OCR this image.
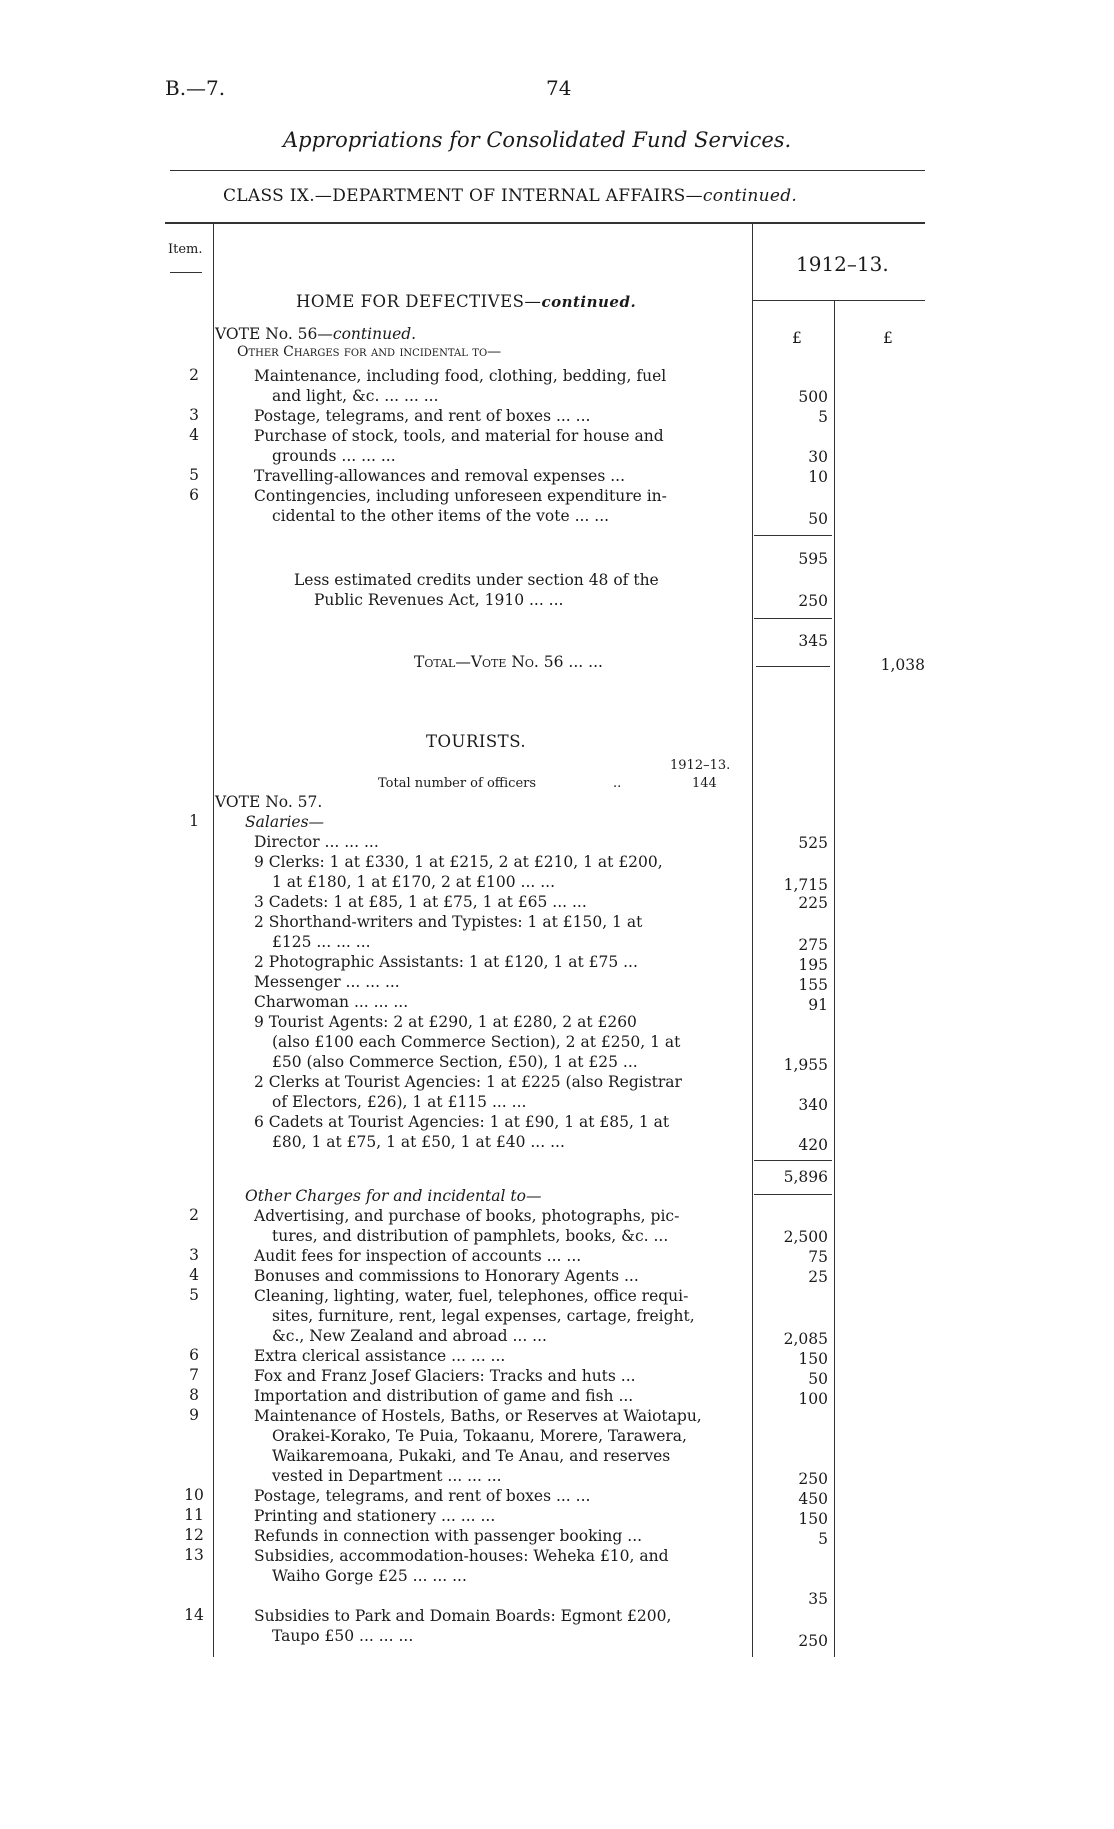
B.—7.	74
Appropriations for Consolidated Fund Services.
CLASS IX.—DEPARTMENT OF INTERNAL AFFAIRS—continued.
Item.
1912–13.
£	£
HOME FOR DEFECTIVES—continued.
VOTE No. 56—continued.
Other Charges for and incidental to—
2	Maintenance, including food, clothing, bedding, fuel
and light, &c. ... ... ...	500
3	Postage, telegrams, and rent of boxes ... ...	5
4	Purchase of stock, tools, and material for house and
grounds ... ... ...	30
5	Travelling-allowances and removal expenses ...	10
6	Contingencies, including unforeseen expenditure in-
cidental to the other items of the vote ... ...	50
595
Less estimated credits under section 48 of the
Public Revenues Act, 1910 ... ...	250
345
Total—Vote No. 56 ... ...	1,038
TOURISTS.
1912–13.
Total number of officers	..	144
VOTE No. 57.
Salaries—
1
Director ... ... ...	525
9 Clerks: 1 at £330, 1 at £215, 2 at £210, 1 at £200,
1 at £180, 1 at £170, 2 at £100 ... ...	1,715
3 Cadets: 1 at £85, 1 at £75, 1 at £65 ... ...	225
2 Shorthand-writers and Typistes: 1 at £150, 1 at
£125 ... ... ...	275
2 Photographic Assistants: 1 at £120, 1 at £75 ...	195
Messenger ... ... ...	155
Charwoman ... ... ...	91
9 Tourist Agents: 2 at £290, 1 at £280, 2 at £260
(also £100 each Commerce Section), 2 at £250, 1 at
£50 (also Commerce Section, £50), 1 at £25 ...	1,955
2 Clerks at Tourist Agencies: 1 at £225 (also Registrar
of Electors, £26), 1 at £115 ... ...	340
6 Cadets at Tourist Agencies: 1 at £90, 1 at £85, 1 at
£80, 1 at £75, 1 at £50, 1 at £40 ... ...	420
5,896
Other Charges for and incidental to—
2	Advertising, and purchase of books, photographs, pic-
tures, and distribution of pamphlets, books, &c. ...	2,500
3	Audit fees for inspection of accounts ... ...	75
4	Bonuses and commissions to Honorary Agents ...	25
5	Cleaning, lighting, water, fuel, telephones, office requi-
sites, furniture, rent, legal expenses, cartage, freight,
&c., New Zealand and abroad ... ...	2,085
6	Extra clerical assistance ... ... ...	150
7	Fox and Franz Josef Glaciers: Tracks and huts ...	50
8	Importation and distribution of game and fish ...	100
9	Maintenance of Hostels, Baths, or Reserves at Waiotapu,
Orakei-Korako, Te Puia, Tokaanu, Morere, Tarawera,
Waikaremoana, Pukaki, and Te Anau, and reserves
vested in Department ... ... ...	250
10	Postage, telegrams, and rent of boxes ... ...	450
11	Printing and stationery ... ... ...	150
12	Refunds in connection with passenger booking ...	5
13	Subsidies, accommodation-houses: Weheka £10, and
Waiho Gorge £25 ... ... ...
35
14	Subsidies to Park and Domain Boards: Egmont £200,
Taupo £50 ... ... ...	250
